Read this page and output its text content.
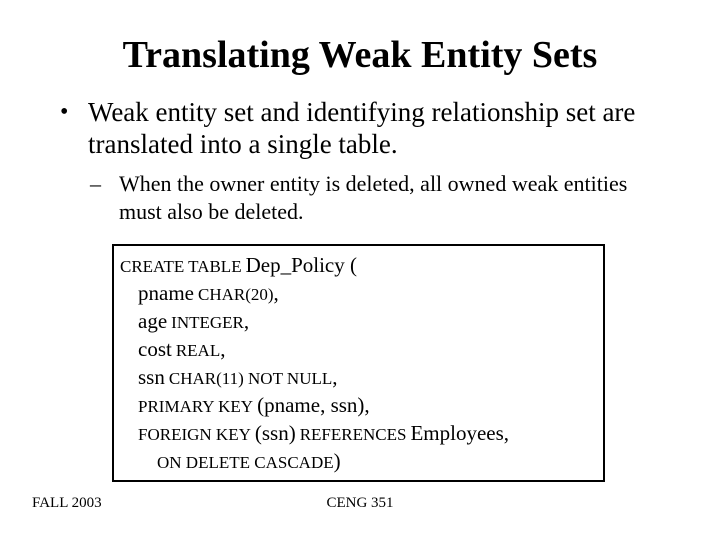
Translating Weak Entity Sets
• Weak entity set and identifying relationship set are translated into a single table.
– When the owner entity is deleted, all owned weak entities must also be deleted.
CREATE TABLE Dep_Policy (
pname CHAR(20),
age INTEGER,
cost REAL,
ssn CHAR(11) NOT NULL,
PRIMARY KEY (pname, ssn),
FOREIGN KEY (ssn) REFERENCES Employees,
ON DELETE CASCADE)
FALL 2003	CENG 351
